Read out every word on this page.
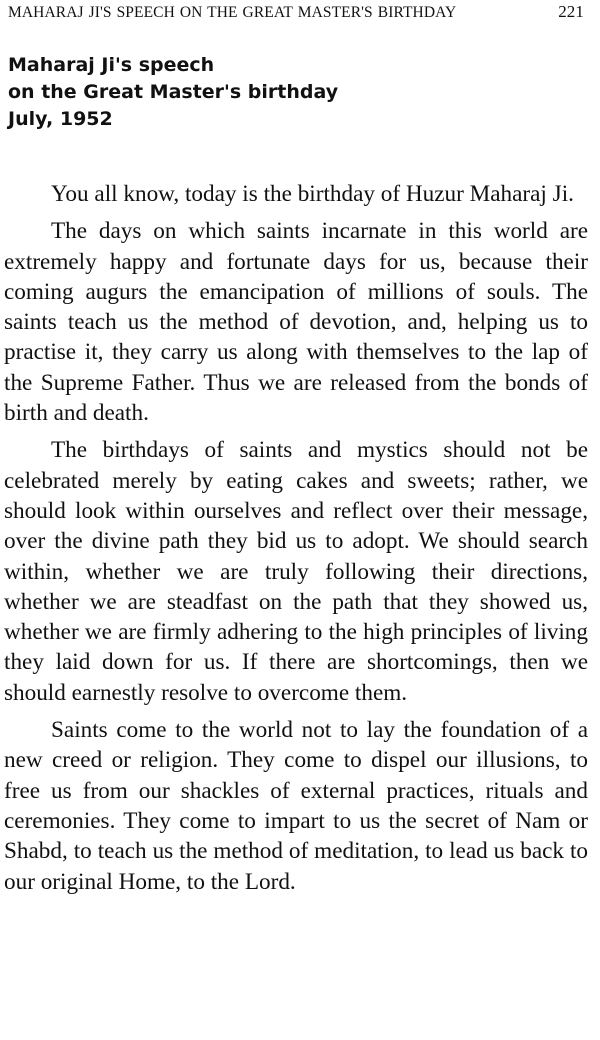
MAHARAJ JI'S SPEECH ON THE GREAT MASTER'S BIRTHDAY	221
Maharaj Ji's speech
on the Great Master's birthday
July, 1952

You all know, today is the birthday of Huzur Maharaj Ji.

The days on which saints incarnate in this world are extremely happy and fortunate days for us, because their coming augurs the emancipation of millions of souls. The saints teach us the method of devotion, and, helping us to practise it, they carry us along with themselves to the lap of the Supreme Father. Thus we are released from the bonds of birth and death.

The birthdays of saints and mystics should not be celebrated merely by eating cakes and sweets; rather, we should look within ourselves and reflect over their message, over the divine path they bid us to adopt. We should search within, whether we are truly following their directions, whether we are steadfast on the path that they showed us, whether we are firmly adhering to the high principles of living they laid down for us. If there are shortcomings, then we should earnestly resolve to overcome them.

Saints come to the world not to lay the foundation of a new creed or religion. They come to dispel our illusions, to free us from our shackles of external practices, rituals and ceremonies. They come to impart to us the secret of Nam or Shabd, to teach us the method of meditation, to lead us back to our original Home, to the Lord.
